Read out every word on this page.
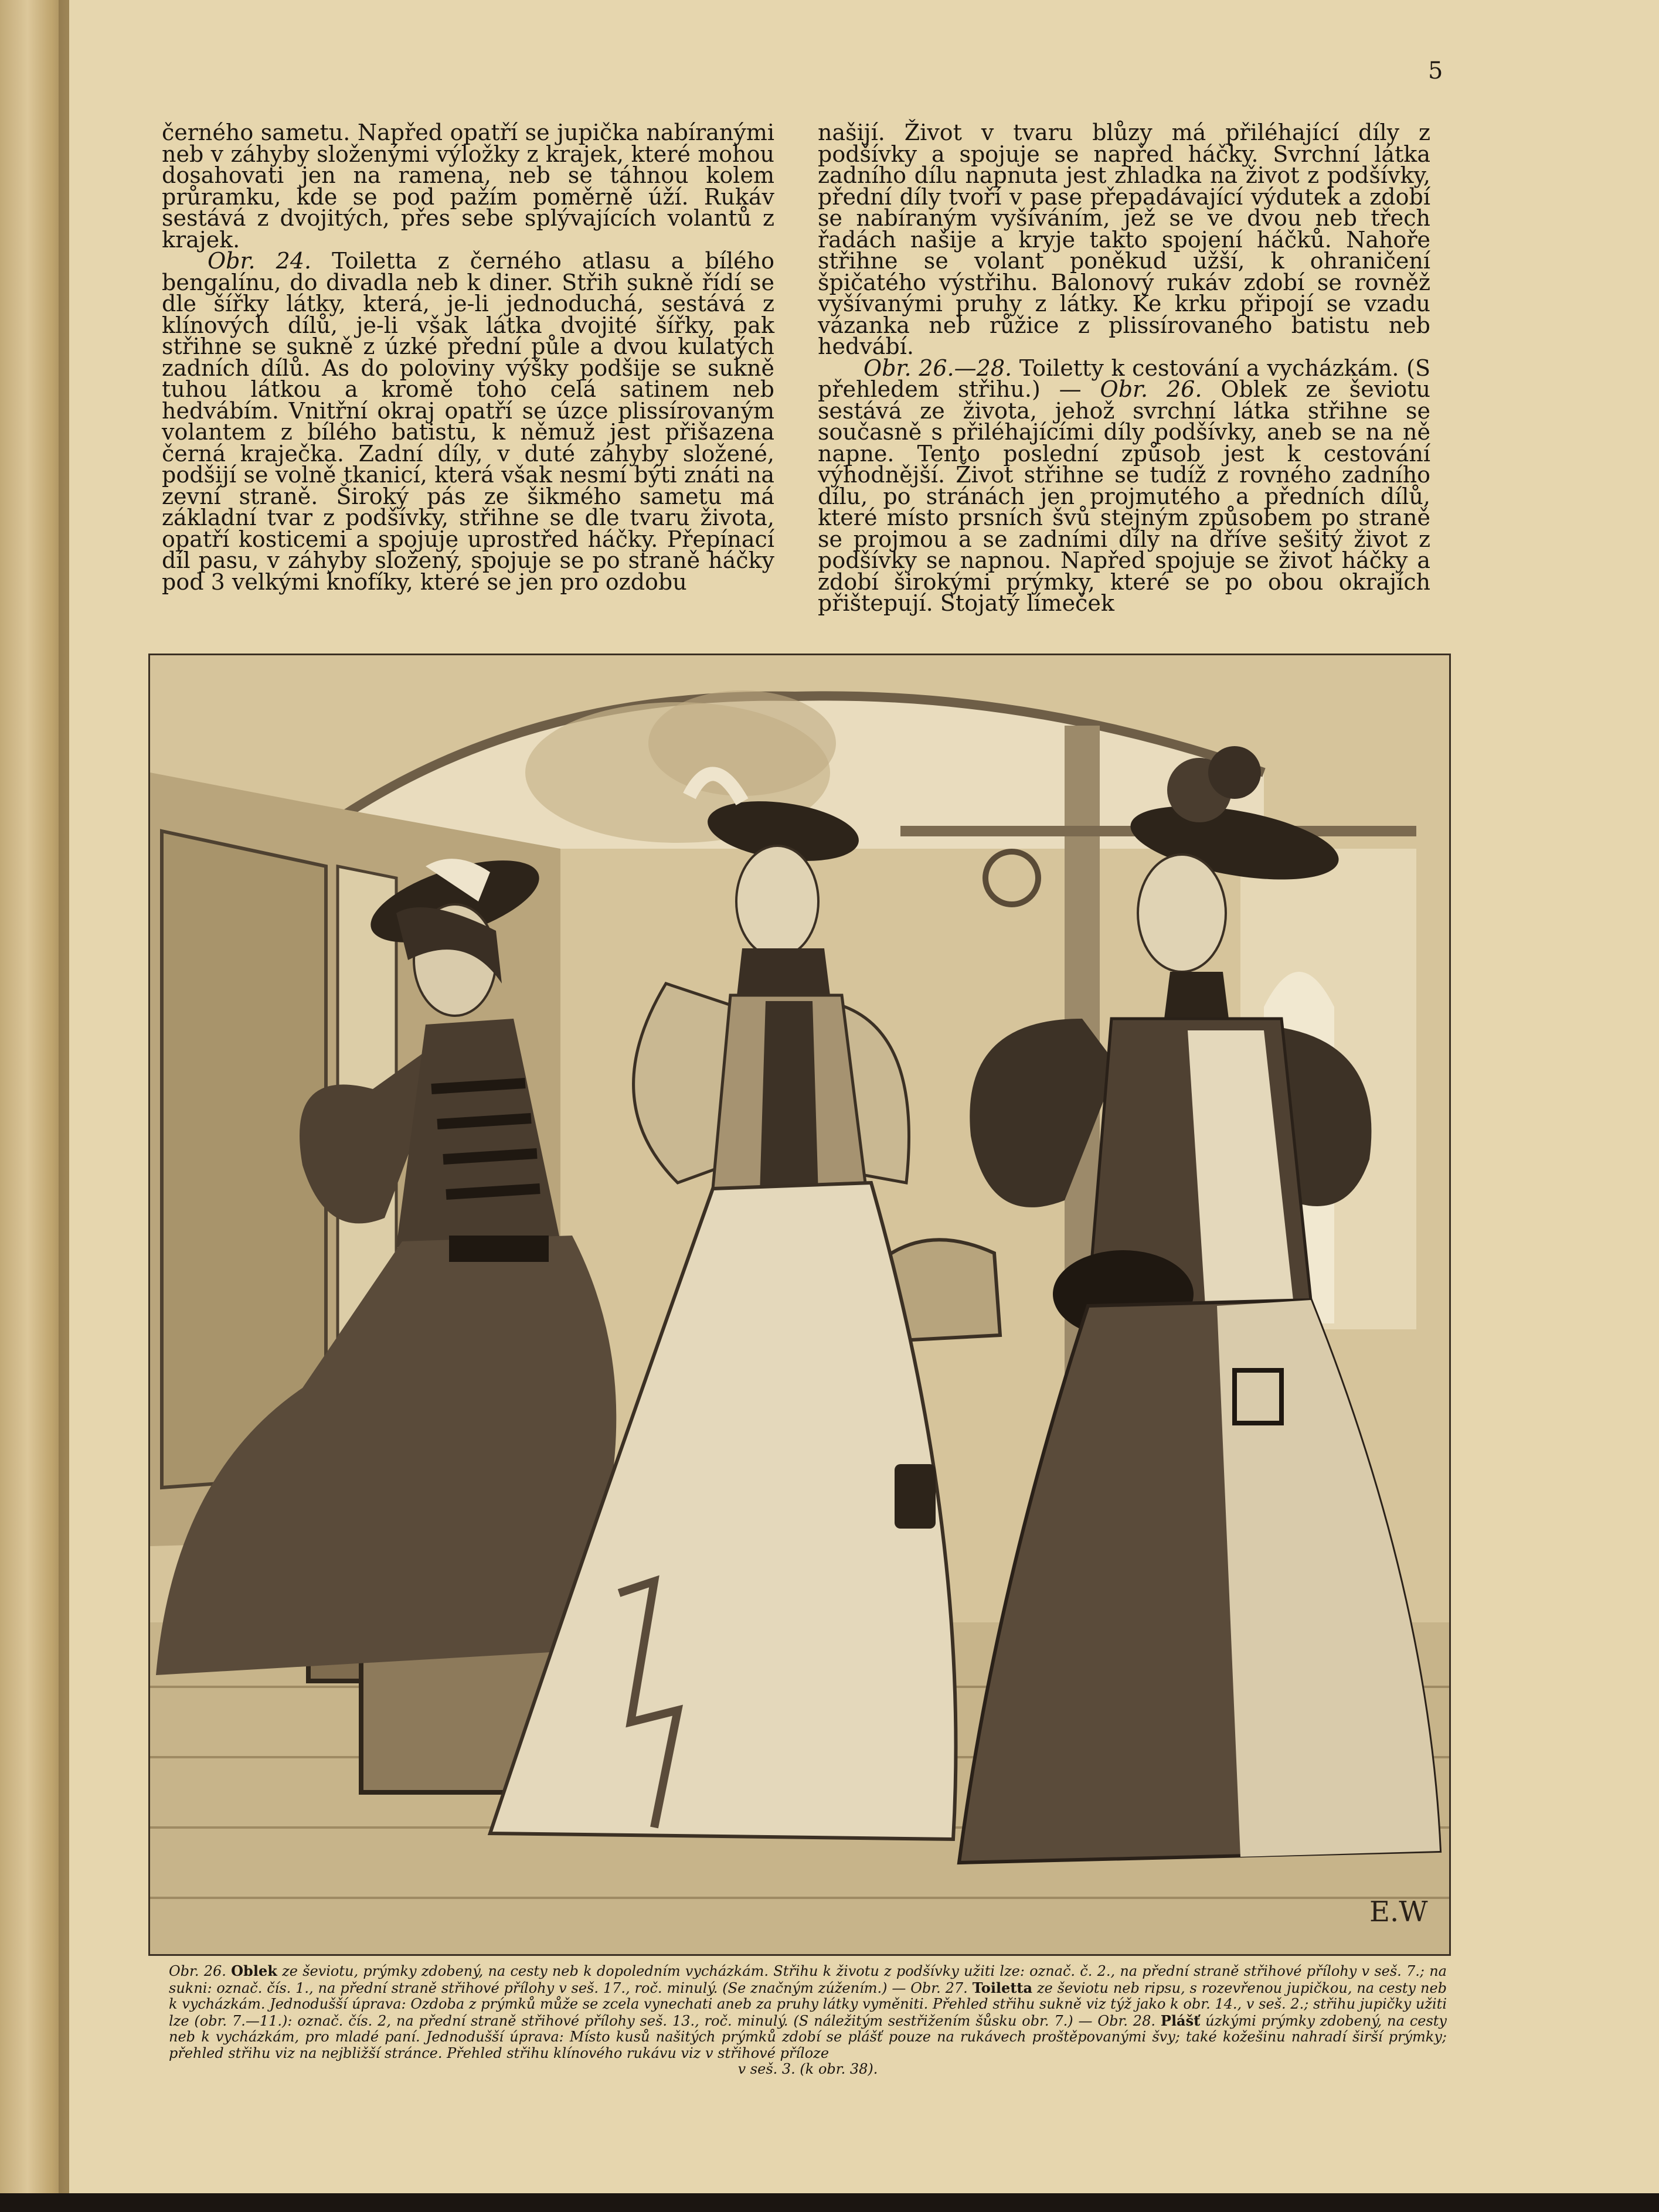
5

černého sametu. Napřed opatří se jupička nabíranými neb v záhyby složenými výložky z krajek, které mohou dosahovati jen na ramena, neb se táhnou kolem průramku, kde se pod pažím poměrně úží. Rukáv sestává z dvojitých, přes sebe splývajících volantů z krajek.

Obr. 24. Toiletta z černého atlasu a bílého bengalínu, do divadla neb k diner. Střih sukně řídí se dle šířky látky, která, je-li jednoduchá, sestává z klínových dílů, je-li však látka dvojité šířky, pak střihne se sukně z úzké přední půle a dvou kulatých zadních dílů. As do poloviny výšky podšije se sukně tuhou látkou a kromě toho celá satinem neb hedvábím. Vnitřní okraj opatří se úzce plissírovaným volantem z bílého batistu, k němuž jest přišazena černá kraječka. Zadní díly, v duté záhyby složené, podšijí se volně tkanicí, která však nesmí býti znáti na zevní straně. Široký pás ze šikmého sametu má základní tvar z podšívky, střihne se dle tvaru života, opatří kosticemi a spojuje uprostřed háčky. Přepínací díl pasu, v záhyby složený, spojuje se po straně háčky pod 3 velkými knofíky, které se jen pro ozdobu

našijí. Život v tvaru blůzy má přiléhající díly z podšívky a spojuje se napřed háčky. Svrchní látka zadního dílu napnuta jest zhladka na život z podšívky, přední díly tvoří v pase přepadávající výdutek a zdobí se nabíraným vyšíváním, jež se ve dvou neb třech řadách našije a kryje takto spojení háčků. Nahoře střihne se volant poněkud užší, k ohraničení špičatého výstřihu. Balonový rukáv zdobí se rovněž vyšívanými pruhy z látky. Ke krku připojí se vzadu vázanka neb růžice z plissírovaného batistu neb hedvábí.

Obr. 26.—28. Toiletty k cestování a vycházkám. (S přehledem střihu.) — Obr. 26. Oblek ze ševiotu sestává ze života, jehož svrchní látka střihne se současně s přiléhajícími díly podšívky, aneb se na ně napne. Tento poslední způsob jest k cestování výhodnější. Život střihne se tudíž z rovného zadního dílu, po stránách jen projmutého a předních dílů, které místo prsních švů stejným způsobem po straně se projmou a se zadními díly na dříve sešitý život z podšívky se napnou. Napřed spojuje se život háčky a zdobí širokými prýmky, které se po obou okrajích přištepují. Stojatý límeček

E.W
Obr. 26. Oblek ze ševiotu, prýmky zdobený, na cesty neb k dopoledním vycházkám. Střihu k životu z podšívky užiti lze: označ. č. 2., na přední straně střihové přílohy v seš. 7.; na sukni: označ. čís. 1., na přední straně střihové přílohy v seš. 17., roč. minulý. (Se značným zúžením.) — Obr. 27. Toiletta ze ševiotu neb ripsu, s rozevřenou jupičkou, na cesty neb k vycházkám. Jednodušší úprava: Ozdoba z prýmků může se zcela vynechati aneb za pruhy látky vyměniti. Přehled střihu sukně viz týž jako k obr. 14., v seš. 2.; střihu jupičky užiti lze (obr. 7.—11.): označ. čís. 2, na přední straně střihové přílohy seš. 13., roč. minulý. (S náležitým sestřižením šůsku obr. 7.) — Obr. 28. Plášť úzkými prýmky zdobený, na cesty neb k vycházkám, pro mladé paní. Jednodušší úprava: Místo kusů našitých prýmků zdobí se plášť pouze na rukávech proštěpovanými švy; také kožešinu nahradí širší prýmky; přehled střihu viz na nejbližší stránce. Přehled střihu klínového rukávu viz v střihové příloze
v seš. 3. (k obr. 38).
